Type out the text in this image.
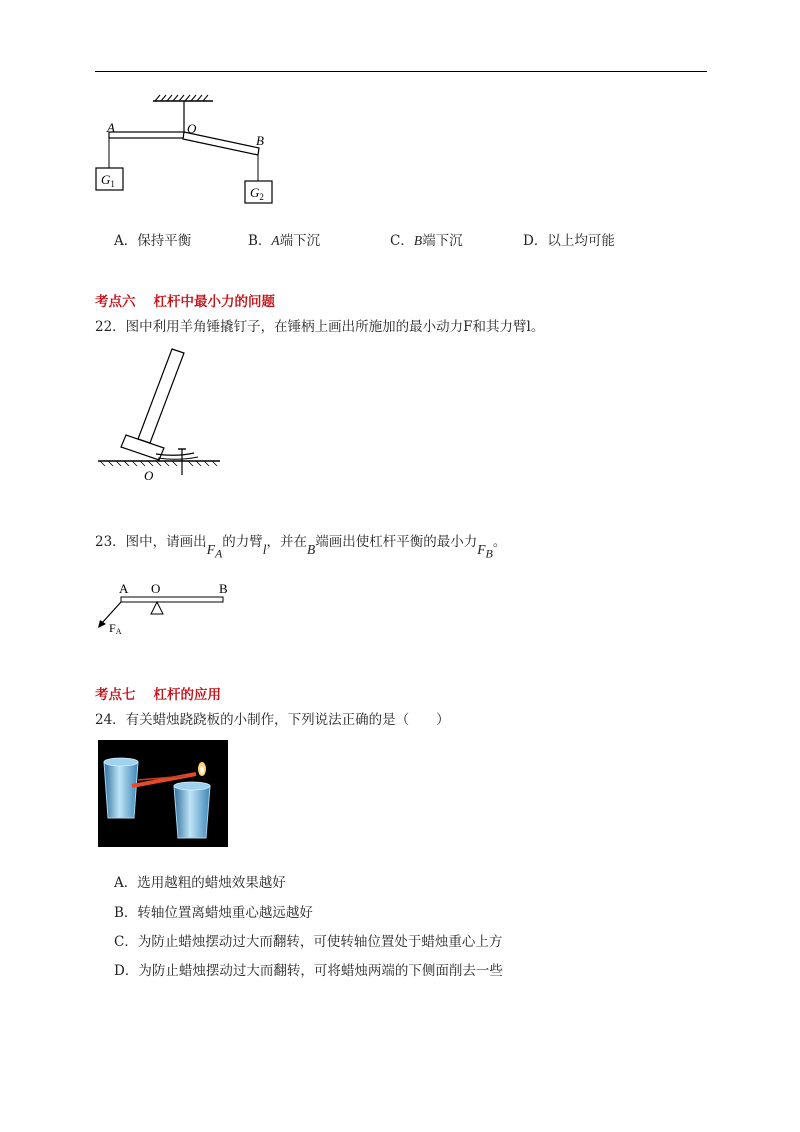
A	O
B
$G_1$
$G_2$
A．保持平衡	B．A端下沉	C．B端下沉	D．以上均可能
考点六 杠杆中最小力的问题
22．图中利用羊角锤撬钉子，在锤柄上画出所施加的最小动力F和其力臂l。
O
23．图中，请画出$F_A$的力臂l，并在B端画出使杠杆平衡的最小力$F_B$。
A O	B
FA
考点七 杠杆的应用
24．有关蜡烛跷跷板的小制作，下列说法正确的是（　　）
A．选用越粗的蜡烛效果越好
B．转轴位置离蜡烛重心越远越好
C．为防止蜡烛摆动过大而翻转，可使转轴位置处于蜡烛重心上方
D．为防止蜡烛摆动过大而翻转，可将蜡烛两端的下侧面削去一些
